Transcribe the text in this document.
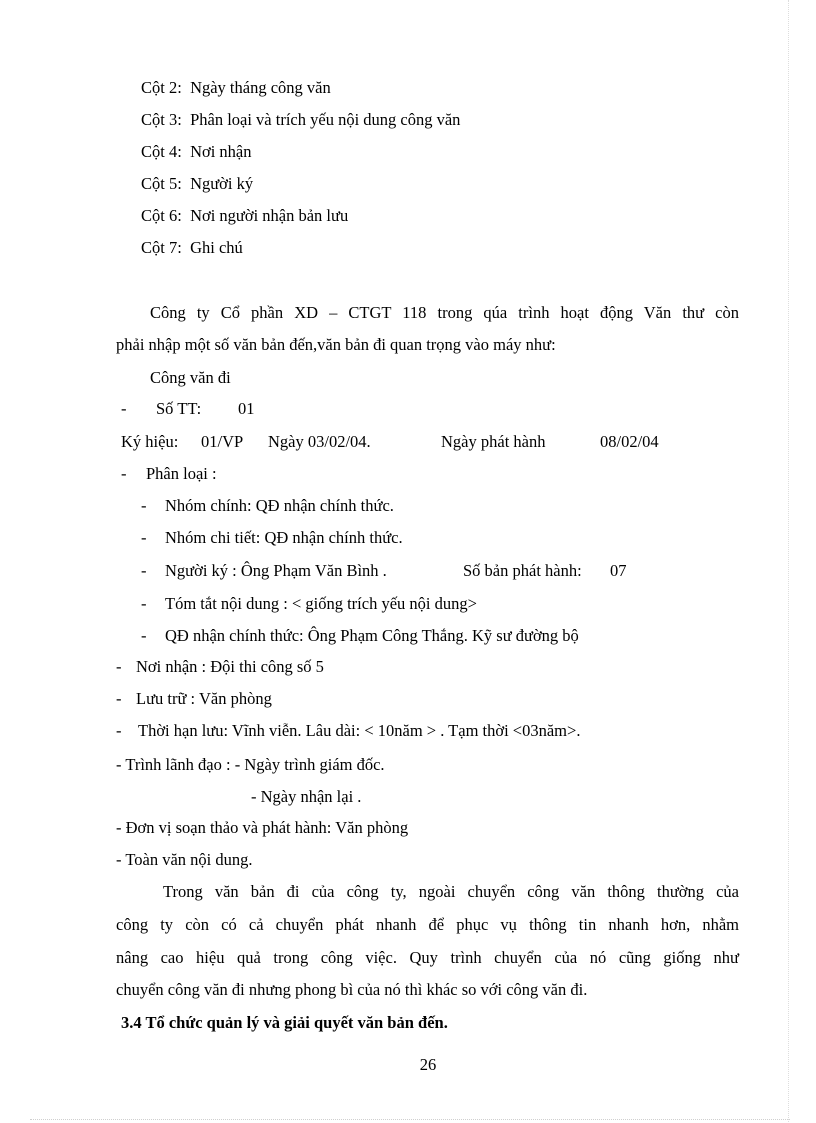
Cột 2: Ngày tháng công văn
Cột 3: Phân loại và trích yếu nội dung công văn
Cột 4: Nơi nhận
Cột 5: Người ký
Cột 6: Nơi người nhận bản lưu
Cột 7: Ghi chú
Công ty Cổ phần XD – CTGT 118 trong qúa trình hoạt động Văn thư còn
phải nhập một số văn bản đến,văn bản đi quan trọng vào máy như:
Công văn đi
- Số TT: 01
Ký hiệu: 01/VP Ngày 03/02/04.	Ngày phát hành	08/02/04
- Phân loại :
- Nhóm chính: QĐ nhận chính thức.
- Nhóm chi tiết: QĐ nhận chính thức.
- Người ký : Ông Phạm Văn Bình .	Số bản phát hành: 07
- Tóm tắt nội dung : < giống trích yếu nội dung>
- QĐ nhận chính thức: Ông Phạm Công Thắng. Kỹ sư đường bộ
- Nơi nhận : Đội thi công số 5
- Lưu trữ : Văn phòng
- Thời hạn lưu: Vĩnh viễn. Lâu dài: < 10năm > . Tạm thời <03năm>.
- Trình lãnh đạo : - Ngày trình giám đốc.
- Ngày nhận lại .
- Đơn vị soạn thảo và phát hành: Văn phòng
- Toàn văn nội dung.
Trong văn bản đi của công ty, ngoài chuyển công văn thông thường của
công ty còn có cả chuyển phát nhanh để phục vụ thông tin nhanh hơn, nhằm
nâng cao hiệu quả trong công việc. Quy trình chuyển của nó cũng giống như
chuyển công văn đi nhưng phong bì của nó thì khác so với công văn đi.
3.4 Tổ chức quản lý và giải quyết văn bản đến.
26
